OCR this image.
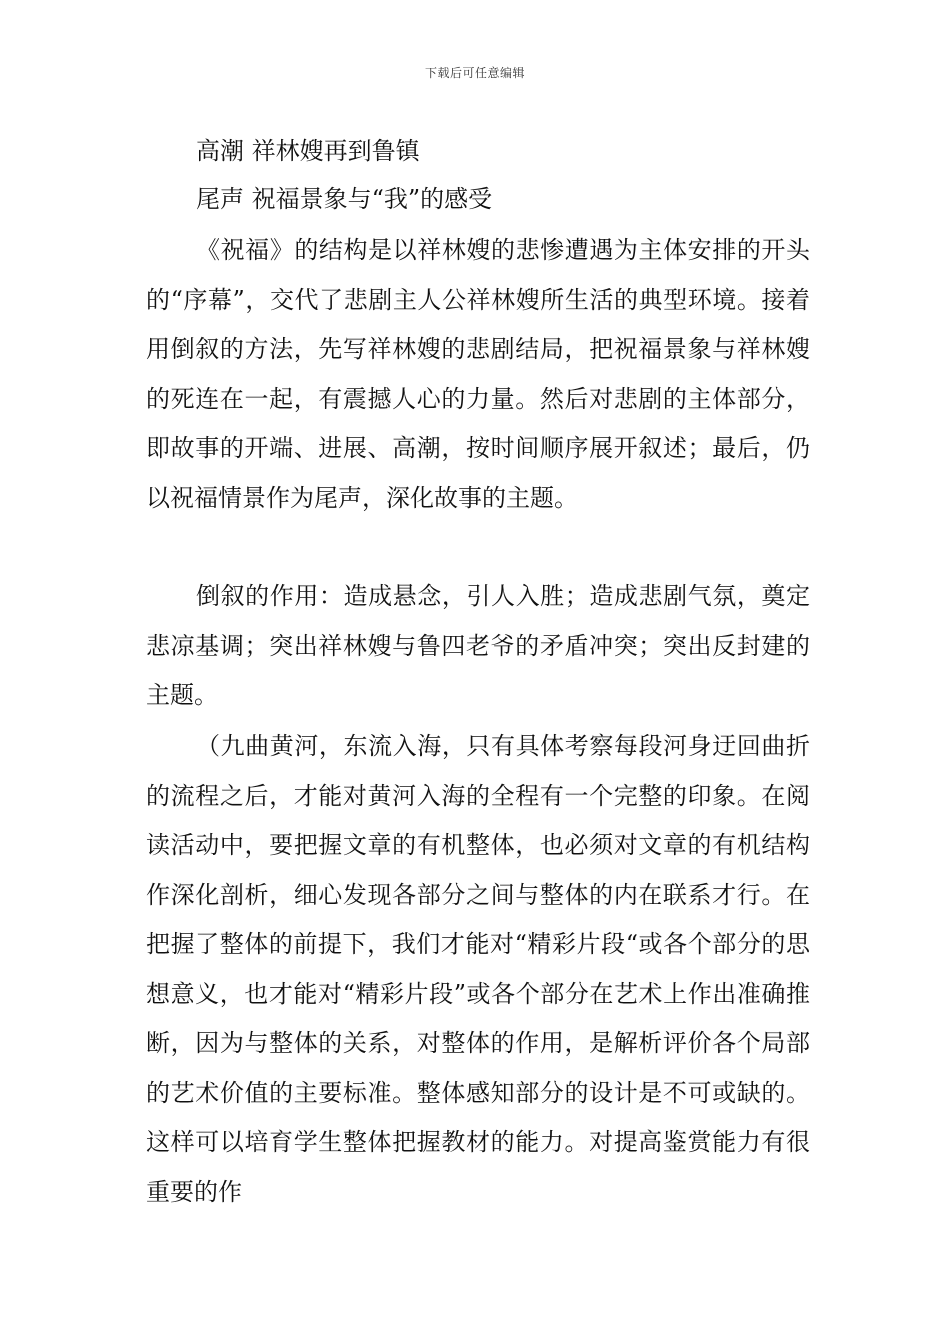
下载后可任意编辑
高潮 祥林嫂再到鲁镇
尾声 祝福景象与“我”的感受

《祝福》的结构是以祥林嫂的悲惨遭遇为主体安排的开头的“序幕”，交代了悲剧主人公祥林嫂所生活的典型环境。接着用倒叙的方法，先写祥林嫂的悲剧结局，把祝福景象与祥林嫂的死连在一起，有震撼人心的力量。然后对悲剧的主体部分，即故事的开端、进展、高潮，按时间顺序展开叙述；最后，仍以祝福情景作为尾声，深化故事的主题。

倒叙的作用：造成悬念，引人入胜；造成悲剧气氛，奠定悲凉基调；突出祥林嫂与鲁四老爷的矛盾冲突；突出反封建的主题。

（九曲黄河，东流入海，只有具体考察每段河身迂回曲折的流程之后，才能对黄河入海的全程有一个完整的印象。在阅读活动中，要把握文章的有机整体，也必须对文章的有机结构作深化剖析，细心发现各部分之间与整体的内在联系才行。在把握了整体的前提下，我们才能对“精彩片段“或各个部分的思想意义，也才能对“精彩片段”或各个部分在艺术上作出准确推断，因为与整体的关系，对整体的作用，是解析评价各个局部的艺术价值的主要标准。整体感知部分的设计是不可或缺的。这样可以培育学生整体把握教材的能力。对提高鉴赏能力有很重要的作
